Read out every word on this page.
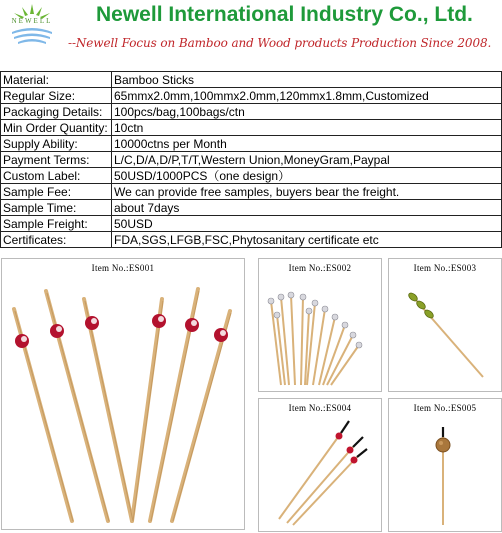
NEWELL Newell International Industry Co., Ltd.
--Newell Focus on Bamboo and Wood products Production Since 2008.
Material:	Bamboo Sticks
Regular Size:	65mmx2.0mm,100mmx2.0mm,120mmx1.8mm,Customized
Packaging Details:	100pcs/bag,100bags/ctn
Min Order Quantity:	10ctn
Supply Ability:	10000ctns per Month
Payment Terms:	L/C,D/A,D/P,T/T,Western Union,MoneyGram,Paypal
Custom Label:	50USD/1000PCS（one design）
Sample Fee:	We can provide free samples, buyers bear the freight.
Sample Time:	about 7days
Sample Freight:	50USD
Certificates:	FDA,SGS,LFGB,FSC,Phytosanitary certificate etc
Item No.:ES001	Item No.:ES002	Item No.:ES003
Item No.:ES004	Item No.:ES005
